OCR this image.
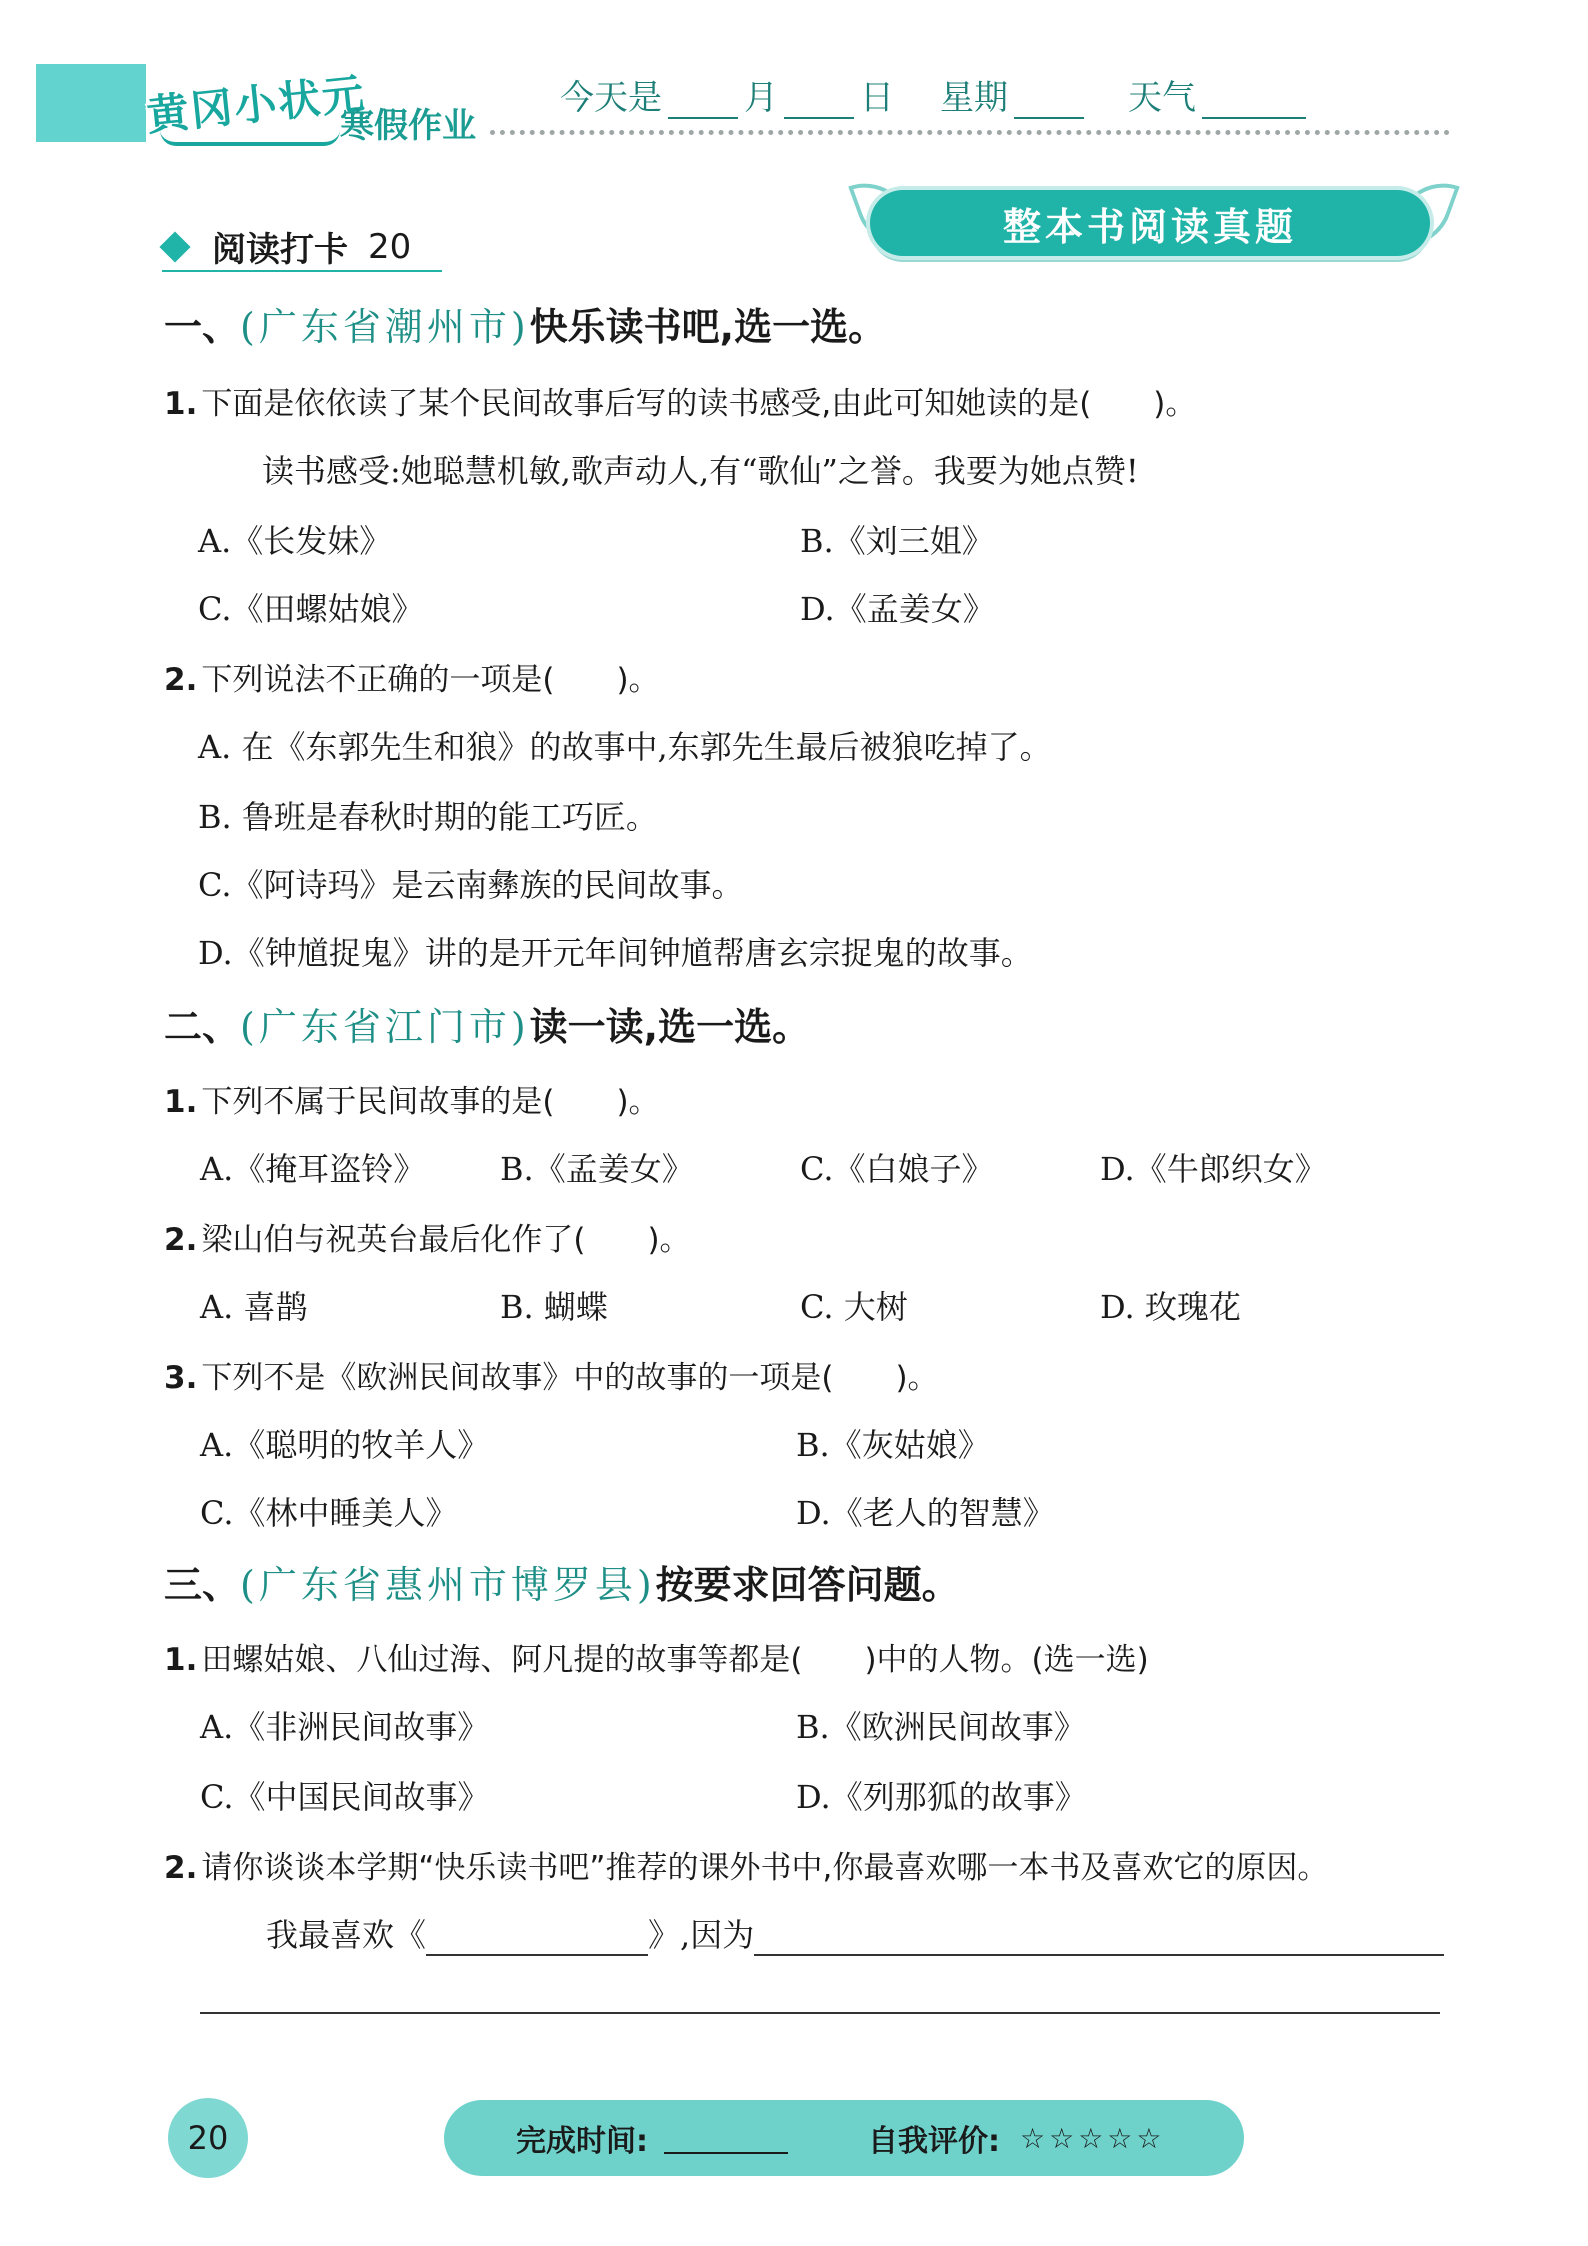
黄冈小状元
寒假作业
今天是 月 日 星期	天气
整本书阅读真题
阅读打卡 20
一、(广东省潮州市)快乐读书吧,选一选。
1. 下面是依依读了某个民间故事后写的读书感受,由此可知她读的是(　　)。
读书感受:她聪慧机敏,歌声动人,有“歌仙”之誉。我要为她点赞!
A.《长发妹》	B.《刘三姐》
C.《田螺姑娘》	D.《孟姜女》
2. 下列说法不正确的一项是(　　)。
A. 在《东郭先生和狼》的故事中,东郭先生最后被狼吃掉了。
B. 鲁班是春秋时期的能工巧匠。
C.《阿诗玛》是云南彝族的民间故事。
D.《钟馗捉鬼》讲的是开元年间钟馗帮唐玄宗捉鬼的故事。
二、(广东省江门市)读一读,选一选。
1. 下列不属于民间故事的是(　　)。
A.《掩耳盗铃》 B.《孟姜女》	C.《白娘子》	D.《牛郎织女》
2. 梁山伯与祝英台最后化作了(　　)。
A. 喜鹊	B. 蝴蝶	C. 大树	D. 玫瑰花
3. 下列不是《欧洲民间故事》中的故事的一项是(　　)。
A.《聪明的牧羊人》	B.《灰姑娘》
C.《林中睡美人》	D.《老人的智慧》
三、(广东省惠州市博罗县)按要求回答问题。
1. 田螺姑娘、八仙过海、阿凡提的故事等都是(　　)中的人物。(选一选)
A.《非洲民间故事》	B.《欧洲民间故事》
C.《中国民间故事》	D.《列那狐的故事》
2. 请你谈谈本学期“快乐读书吧”推荐的课外书中,你最喜欢哪一本书及喜欢它的原因。
我最喜欢《	》,因为
20	完成时间:	自我评价: ☆☆☆☆☆
